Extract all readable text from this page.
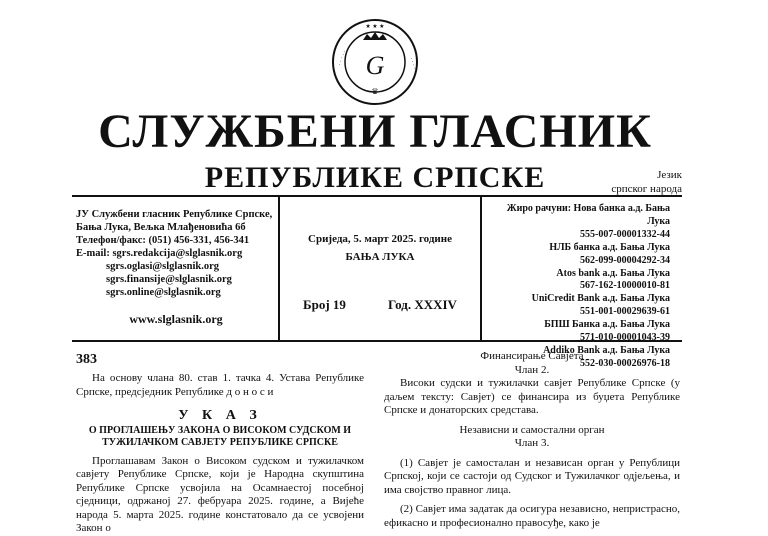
★ ★ ★
· · · · ·	· · · · ·
G
♛
СЛУЖБЕНИ ГЛАСНИК
РЕПУБЛИКЕ СРПСКЕ	Језик
српског народа
ЈУ Службени гласник Републике Српске,
Бања Лука, Вељка Млађеновића 6б
Телефон/факс: (051) 456-331, 456-341
E-mail: sgrs.redakcija@slglasnik.org
sgrs.oglasi@slglasnik.org
sgrs.finansije@slglasnik.org
sgrs.online@slglasnik.org
www.slglasnik.org
Сриједа, 5. март 2025. године
БАЊА ЛУКА
Број 19	Год. XXXIV
Жиро рачуни: Нова банка а.д. Бања Лука
555-007-00001332-44
НЛБ банка а.д. Бања Лука
562-099-00004292-34
Atos bank а.д. Бања Лука
567-162-10000010-81
UniCredit Bank а.д. Бања Лука
551-001-00029639-61
БПШ Банка а.д. Бања Лука
571-010-00001043-39
Addiko Bank а.д. Бања Лука
552-030-00026976-18
383

На основу члана 80. став 1. тачка 4. Устава Републике Српске, предсједник Републике д о н о с и

У К А З
О ПРОГЛАШЕЊУ ЗАКОНА О ВИСОКОМ СУДСКОМ И ТУЖИЛАЧКОМ САВЈЕТУ РЕПУБЛИКЕ СРПСКЕ

Проглашавам Закон о Високом судском и тужилачком савјету Републике Српске, који је Народна скупштина Републике Српске усвојила на Осамнаестој посебној сједници, одржаној 27. фебруара 2025. године, а Вијеће народа 5. марта 2025. године констатовало да се усвојени Закон о

Финансирање Савјета
Члан 2.

Високи судски и тужилачки савјет Републике Српске (у даљем тексту: Савјет) се финансира из буџета Републике Српске и донаторских средстава.

Независни и самостални орган
Члан 3.

(1) Савјет је самосталан и независан орган у Републици Српској, који се састоји од Судског и Тужилачког одјељења, и има својство правног лица.

(2) Савјет има задатак да осигура независно, непристрасно, ефикасно и професионално правосуђе, како је
